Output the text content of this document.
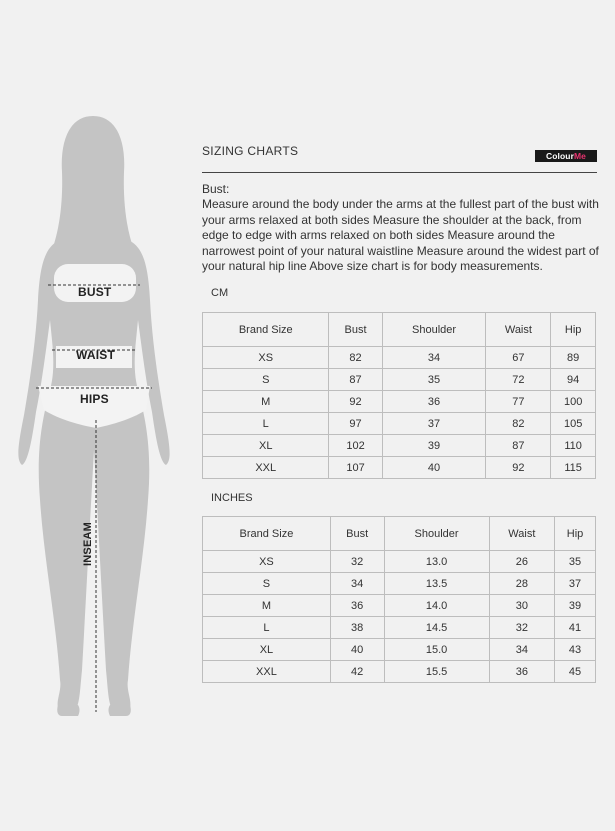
BUST
WAIST
HIPS
INSEAM
SIZING CHARTS	ColourMe
Bust:
Measure around the body under the arms at the fullest part of the bust with your arms relaxed at both sides Measure the shoulder at the back, from edge to edge with arms relaxed on both sides Measure around the narrowest point of your natural waistline Measure around the widest part of your natural hip line Above size chart is for body measurements.
CM
Brand Size	Bust	Shoulder	Waist	Hip
XS	82	34	67	89
S	87	35	72	94
M	92	36	77	100
L	97	37	82	105
XL	102	39	87	110
XXL	107	40	92	115
INCHES
Brand Size	Bust	Shoulder	Waist	Hip
XS	32	13.0	26	35
S	34	13.5	28	37
M	36	14.0	30	39
L	38	14.5	32	41
XL	40	15.0	34	43
XXL	42	15.5	36	45
